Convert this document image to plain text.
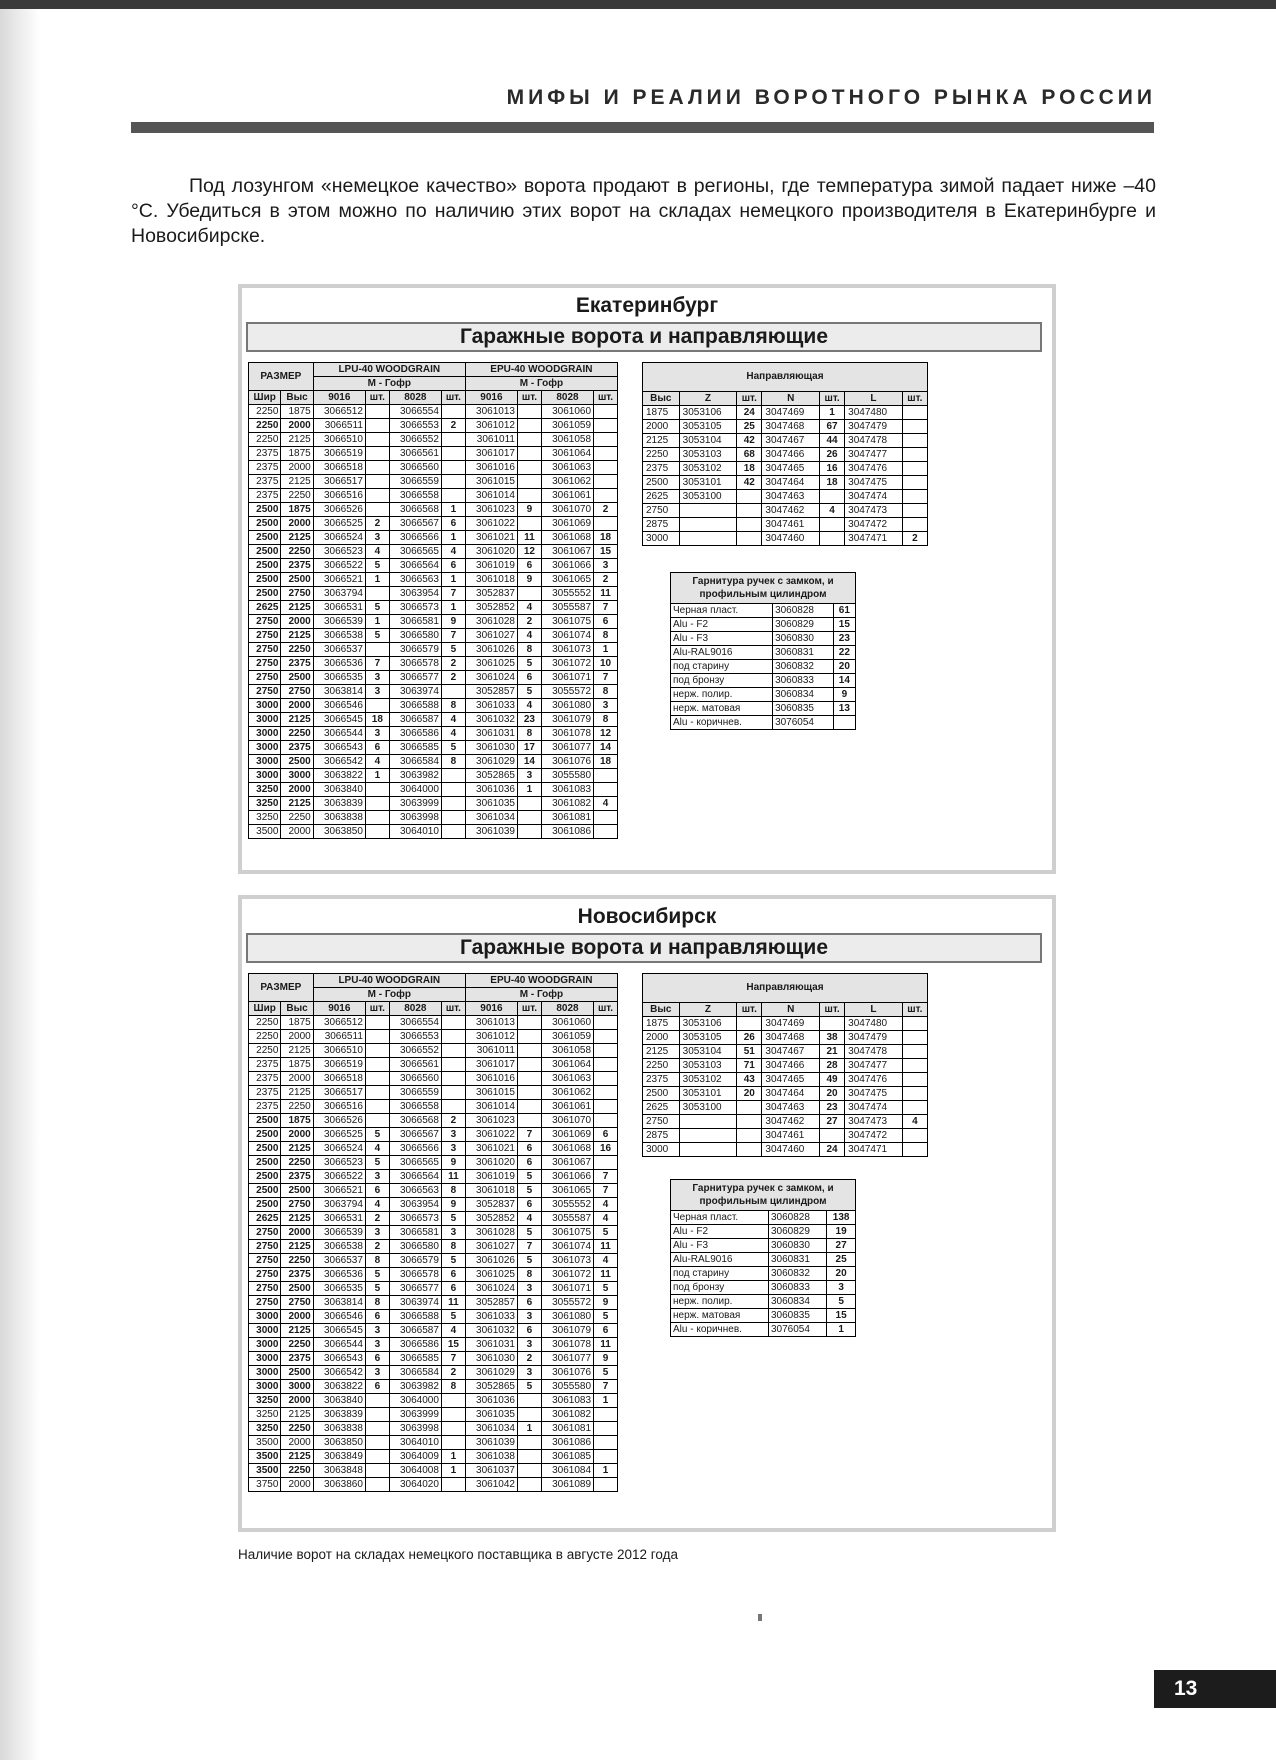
МИФЫ И РЕАЛИИ ВОРОТНОГО РЫНКА РОССИИ

Под лозунгом «немецкое качество» ворота продают в регионы, где температура зимой падает ниже –40 °С. Убедиться в этом можно по наличию этих ворот на складах немецкого производителя в Екатеринбурге и Новосибирске.

Екатеринбург
Гаражные ворота и направляющие
РАЗМЕР		LPU-40 WOODGRAIN				EPU-40 WOODGRAIN			
		М - Гофр				М - Гофр			
Шир	Выс	9016	шт.	8028	шт.	9016	шт.	8028	шт.
2250	1875	3066512		3066554		3061013		3061060	
2250	2000	3066511		3066553	2	3061012		3061059	
2250	2125	3066510		3066552		3061011		3061058	
2375	1875	3066519		3066561		3061017		3061064	
2375	2000	3066518		3066560		3061016		3061063	
2375	2125	3066517		3066559		3061015		3061062	
2375	2250	3066516		3066558		3061014		3061061	
2500	1875	3066526		3066568	1	3061023	9	3061070	2
2500	2000	3066525	2	3066567	6	3061022		3061069	
2500	2125	3066524	3	3066566	1	3061021	11	3061068	18
2500	2250	3066523	4	3066565	4	3061020	12	3061067	15
2500	2375	3066522	5	3066564	6	3061019	6	3061066	3
2500	2500	3066521	1	3066563	1	3061018	9	3061065	2
2500	2750	3063794		3063954	7	3052837		3055552	11
2625	2125	3066531	5	3066573	1	3052852	4	3055587	7
2750	2000	3066539	1	3066581	9	3061028	2	3061075	6
2750	2125	3066538	5	3066580	7	3061027	4	3061074	8
2750	2250	3066537		3066579	5	3061026	8	3061073	1
2750	2375	3066536	7	3066578	2	3061025	5	3061072	10
2750	2500	3066535	3	3066577	2	3061024	6	3061071	7
2750	2750	3063814	3	3063974		3052857	5	3055572	8
3000	2000	3066546		3066588	8	3061033	4	3061080	3
3000	2125	3066545	18	3066587	4	3061032	23	3061079	8
3000	2250	3066544	3	3066586	4	3061031	8	3061078	12
3000	2375	3066543	6	3066585	5	3061030	17	3061077	14
3000	2500	3066542	4	3066584	8	3061029	14	3061076	18
3000	3000	3063822	1	3063982		3052865	3	3055580	
3250	2000	3063840		3064000		3061036	1	3061083	
3250	2125	3063839		3063999		3061035		3061082	4
3250	2250	3063838		3063998		3061034		3061081	
3500	2000	3063850		3064010		3061039		3061086	
Направляющая						
Выс	Z	шт.	N	шт.	L	шт.
1875	3053106	24	3047469	1	3047480	
2000	3053105	25	3047468	67	3047479	
2125	3053104	42	3047467	44	3047478	
2250	3053103	68	3047466	26	3047477	
2375	3053102	18	3047465	16	3047476	
2500	3053101	42	3047464	18	3047475	
2625	3053100		3047463		3047474	
2750			3047462	4	3047473	
2875			3047461		3047472	
3000			3047460		3047471	2
Гарнитура ручек с замком, и профильным цилиндром		
Черная пласт.	3060828	61
Alu - F2	3060829	15
Alu - F3	3060830	23
Alu-RAL9016	3060831	22
под старину	3060832	20
под бронзу	3060833	14
нерж. полир.	3060834	9
нерж. матовая	3060835	13
Alu - коричнев.	3076054	
Новосибирск
Гаражные ворота и направляющие
РАЗМЕР		LPU-40 WOODGRAIN				EPU-40 WOODGRAIN			
		М - Гофр				М - Гофр			
Шир	Выс	9016	шт.	8028	шт.	9016	шт.	8028	шт.
2250	1875	3066512		3066554		3061013		3061060	
2250	2000	3066511		3066553		3061012		3061059	
2250	2125	3066510		3066552		3061011		3061058	
2375	1875	3066519		3066561		3061017		3061064	
2375	2000	3066518		3066560		3061016		3061063	
2375	2125	3066517		3066559		3061015		3061062	
2375	2250	3066516		3066558		3061014		3061061	
2500	1875	3066526		3066568	2	3061023		3061070	
2500	2000	3066525	5	3066567	3	3061022	7	3061069	6
2500	2125	3066524	4	3066566	3	3061021	6	3061068	16
2500	2250	3066523	5	3066565	9	3061020	6	3061067	
2500	2375	3066522	3	3066564	11	3061019	5	3061066	7
2500	2500	3066521	6	3066563	8	3061018	5	3061065	7
2500	2750	3063794	4	3063954	9	3052837	6	3055552	4
2625	2125	3066531	2	3066573	5	3052852	4	3055587	4
2750	2000	3066539	3	3066581	3	3061028	5	3061075	5
2750	2125	3066538	2	3066580	8	3061027	7	3061074	11
2750	2250	3066537	8	3066579	5	3061026	5	3061073	4
2750	2375	3066536	5	3066578	6	3061025	8	3061072	11
2750	2500	3066535	5	3066577	6	3061024	3	3061071	5
2750	2750	3063814	8	3063974	11	3052857	6	3055572	9
3000	2000	3066546	6	3066588	5	3061033	3	3061080	5
3000	2125	3066545	3	3066587	4	3061032	6	3061079	6
3000	2250	3066544	3	3066586	15	3061031	3	3061078	11
3000	2375	3066543	6	3066585	7	3061030	2	3061077	9
3000	2500	3066542	3	3066584	2	3061029	3	3061076	5
3000	3000	3063822	6	3063982	8	3052865	5	3055580	7
3250	2000	3063840		3064000		3061036		3061083	1
3250	2125	3063839		3063999		3061035		3061082	
3250	2250	3063838		3063998		3061034	1	3061081	
3500	2000	3063850		3064010		3061039		3061086	
3500	2125	3063849		3064009	1	3061038		3061085	
3500	2250	3063848		3064008	1	3061037		3061084	1
3750	2000	3063860		3064020		3061042		3061089	
Направляющая						
Выс	Z	шт.	N	шт.	L	шт.
1875	3053106		3047469		3047480	
2000	3053105	26	3047468	38	3047479	
2125	3053104	51	3047467	21	3047478	
2250	3053103	71	3047466	28	3047477	
2375	3053102	43	3047465	49	3047476	
2500	3053101	20	3047464	20	3047475	
2625	3053100		3047463	23	3047474	
2750			3047462	27	3047473	4
2875			3047461		3047472	
3000			3047460	24	3047471	
Гарнитура ручек с замком, и профильным цилиндром		
Черная пласт.	3060828	138
Alu - F2	3060829	19
Alu - F3	3060830	27
Alu-RAL9016	3060831	25
под старину	3060832	20
под бронзу	3060833	3
нерж. полир.	3060834	5
нерж. матовая	3060835	15
Alu - коричнев.	3076054	1
Наличие ворот на складах немецкого поставщика в августе 2012 года
13
